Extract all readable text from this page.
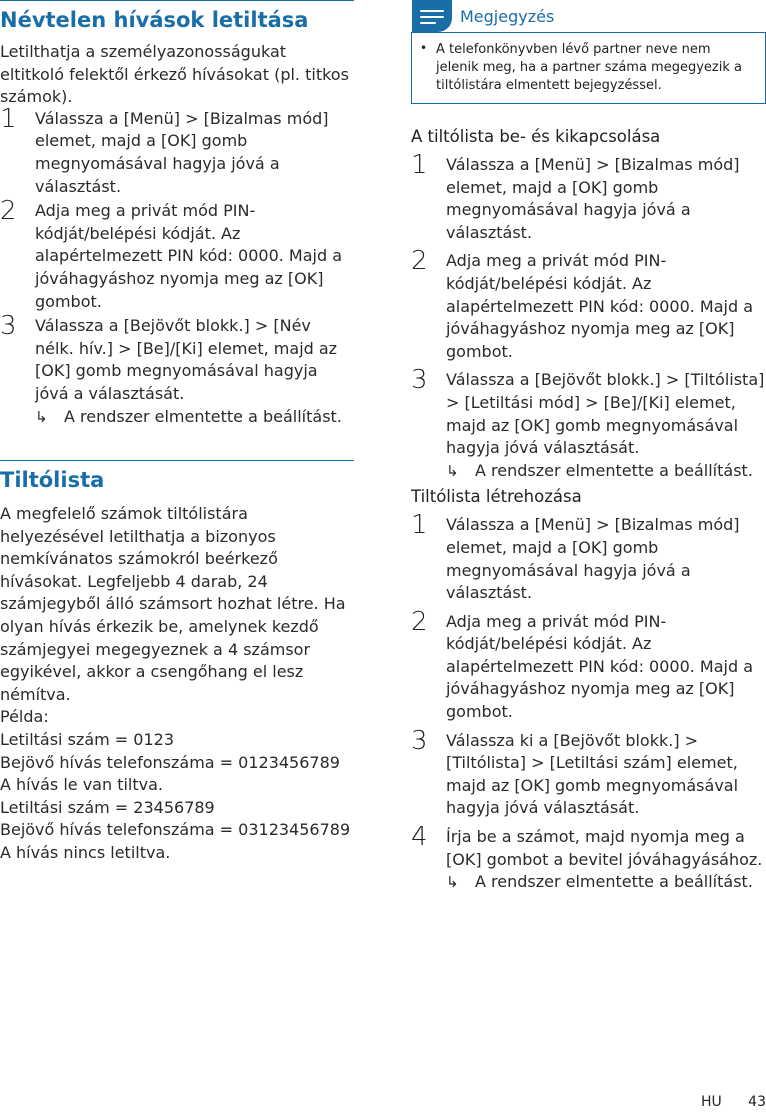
Névtelen hívások letiltása

Letilthatja a személyazonosságukat eltitkoló felektől érkező hívásokat (pl. titkos számok).

1 Válassza a [Menü] > [Bizalmas mód] elemet, majd a [OK] gomb megnyomásával hagyja jóvá a választást.
2 Adja meg a privát mód PIN-kódját/belépési kódját. Az alapértelmezett PIN kód: 0000. Majd a jóváhagyáshoz nyomja meg az [OK] gombot.
3 Válassza a [Bejövőt blokk.] > [Név nélk. hív.] > [Be]/[Ki] elemet, majd az [OK] gomb megnyomásával hagyja jóvá a választását.
↳ A rendszer elmentette a beállítást.
Tiltólista

A megfelelő számok tiltólistára helyezésével letilthatja a bizonyos nemkívánatos számokról beérkező hívásokat. Legfeljebb 4 darab, 24 számjegyből álló számsort hozhat létre. Ha olyan hívás érkezik be, amelynek kezdő számjegyei megegyeznek a 4 számsor egyikével, akkor a csengőhang el lesz némítva.

Példa:

Letiltási szám = 0123

Bejövő hívás telefonszáma = 0123456789

A hívás le van tiltva.

Letiltási szám = 23456789

Bejövő hívás telefonszáma = 03123456789

A hívás nincs letiltva.

Megjegyzés
• A telefonkönyvben lévő partner neve nem jelenik meg, ha a partner száma megegyezik a tiltólistára elmentett bejegyzéssel.

A tiltólista be- és kikapcsolása

1 Válassza a [Menü] > [Bizalmas mód] elemet, majd a [OK] gomb megnyomásával hagyja jóvá a választást.
2 Adja meg a privát mód PIN-kódját/belépési kódját. Az alapértelmezett PIN kód: 0000. Majd a jóváhagyáshoz nyomja meg az [OK] gombot.
3 Válassza a [Bejövőt blokk.] > [Tiltólista] > [Letiltási mód] > [Be]/[Ki] elemet, majd az [OK] gomb megnyomásával hagyja jóvá választását.
↳ A rendszer elmentette a beállítást.

Tiltólista létrehozása

1 Válassza a [Menü] > [Bizalmas mód] elemet, majd a [OK] gomb megnyomásával hagyja jóvá a választást.
2 Adja meg a privát mód PIN-kódját/belépési kódját. Az alapértelmezett PIN kód: 0000. Majd a jóváhagyáshoz nyomja meg az [OK] gombot.
3 Válassza ki a [Bejövőt blokk.] > [Tiltólista] > [Letiltási szám] elemet, majd az [OK] gomb megnyomásával hagyja jóvá választását.
4 Írja be a számot, majd nyomja meg a [OK] gombot a bevitel jóváhagyásához.
↳ A rendszer elmentette a beállítást.
HU 43
